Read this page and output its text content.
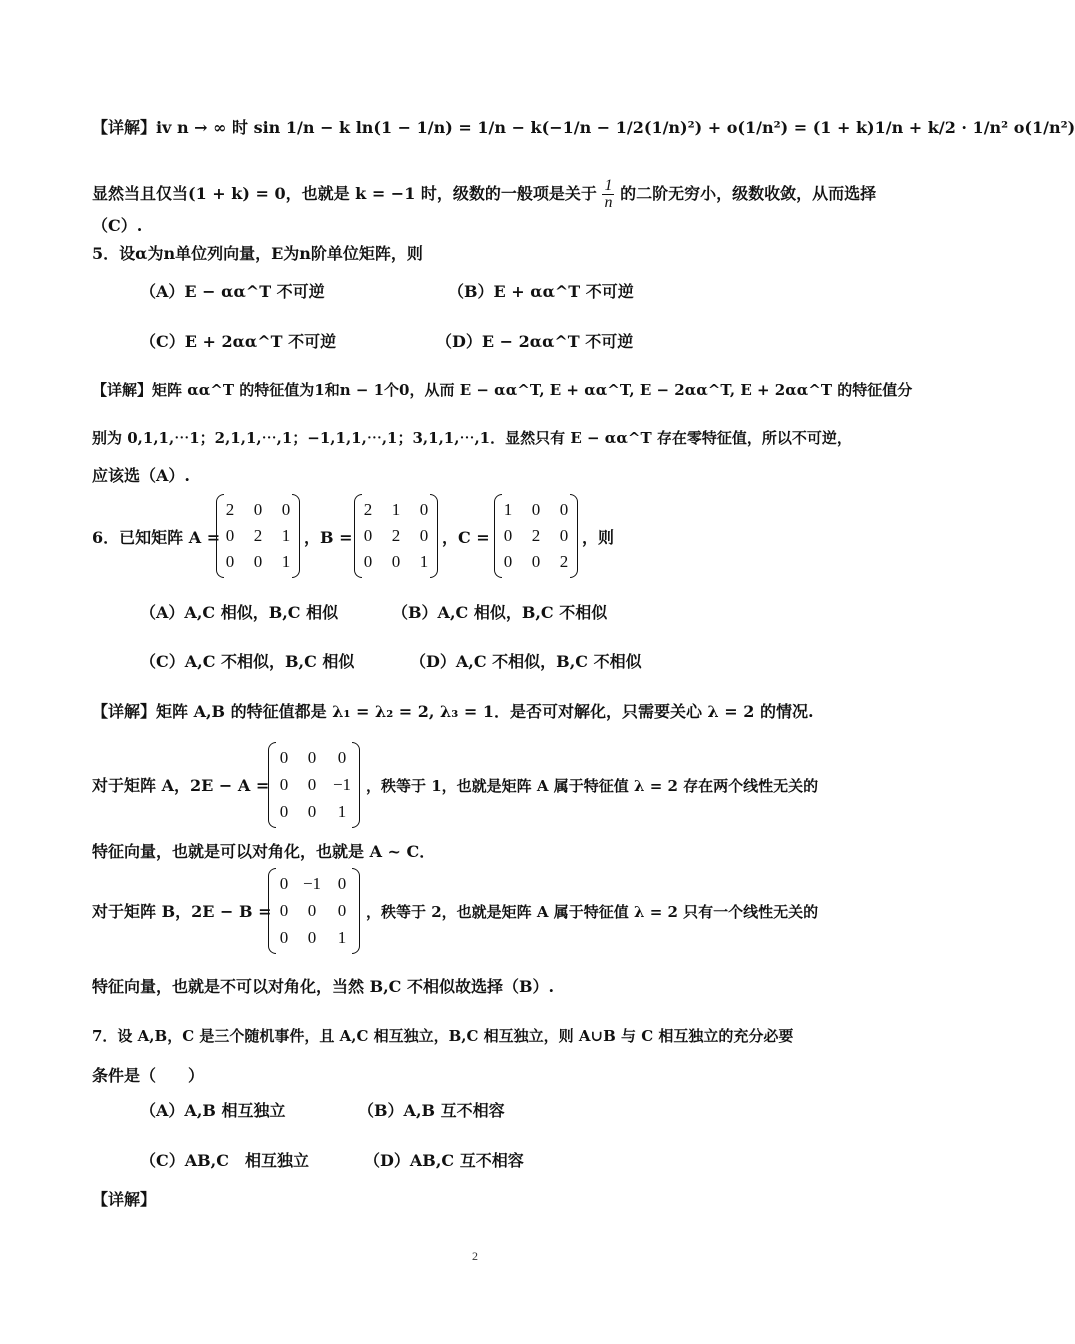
【详解】iv n → ∞ 时 sin 1/n − k ln(1 − 1/n) = 1/n − k(−1/n − 1/2(1/n)²) + o(1/n²) = (1 + k)1/n + k/2 · 1/n² o(1/n²)
显然当且仅当(1 + k) = 0，也就是 k = −1 时，级数的一般项是关于 $\frac{1}{n}$ 的二阶无穷小，级数收敛，从而选择
（C）.
5．设α为n单位列向量，E为n阶单位矩阵，则
（A）E − αα^T 不可逆	（B）E + αα^T 不可逆
（C）E + 2αα^T 不可逆	（D）E − 2αα^T 不可逆
【详解】矩阵 αα^T 的特征值为1和n − 1个0，从而 E − αα^T, E + αα^T, E − 2αα^T, E + 2αα^T 的特征值分
别为 0,1,1,⋯1；2,1,1,⋯,1；−1,1,1,⋯,1；3,1,1,⋯,1．显然只有 E − αα^T 存在零特征值，所以不可逆，
应该选（A）.
6．已知矩阵 A =
2	0	0
0	2	1
0	0	1
，B =
2	1	0
0	2	0
0	0	1
，C =
1	0	0
0	2	0
0	0	2
，则
（A）A,C 相似，B,C 相似	（B）A,C 相似，B,C 不相似
（C）A,C 不相似，B,C 相似	（D）A,C 不相似，B,C 不相似
【详解】矩阵 A,B 的特征值都是 λ₁ = λ₂ = 2, λ₃ = 1．是否可对解化，只需要关心 λ = 2 的情况.
对于矩阵 A，2E − A =
0	0	0
0	0 −1
0	0	1
，秩等于 1，也就是矩阵 A 属于特征值 λ = 2 存在两个线性无关的
特征向量，也就是可以对角化，也就是 A ~ C．
对于矩阵 B，2E − B =
0 −1 0
0	0	0
0	0	1
，秩等于 2，也就是矩阵 A 属于特征值 λ = 2 只有一个线性无关的
特征向量，也就是不可以对角化，当然 B,C 不相似故选择（B）.
7．设 A,B，C 是三个随机事件，且 A,C 相互独立，B,C 相互独立，则 A∪B 与 C 相互独立的充分必要
条件是（　　）
（A）A,B 相互独立	（B）A,B 互不相容
（C）AB,C　相互独立	（D）AB,C 互不相容
【详解】
2
